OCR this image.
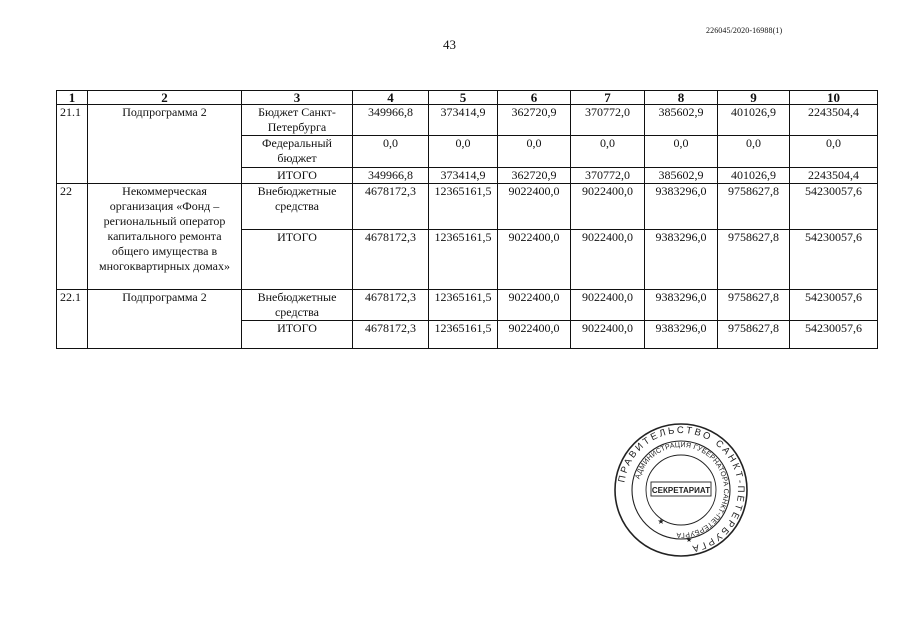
226045/2020-16988(1)
43
1	2	3	4	5	6	7	8	9	10
21.1	Подпрограмма 2	Бюджет Санкт-Петербурга	349966,8	373414,9	362720,9	370772,0	385602,9	401026,9	2243504,4
		Федеральный бюджет	0,0	0,0	0,0	0,0	0,0	0,0	0,0
		ИТОГО	349966,8	373414,9	362720,9	370772,0	385602,9	401026,9	2243504,4
22	Некоммерческая организация «Фонд – региональный оператор капитального ремонта общего имущества в многоквартирных домах»	Внебюджетные средства	4678172,3	12365161,5	9022400,0	9022400,0	9383296,0	9758627,8	54230057,6
		ИТОГО	4678172,3	12365161,5	9022400,0	9022400,0	9383296,0	9758627,8	54230057,6
22.1	Подпрограмма 2	Внебюджетные средства	4678172,3	12365161,5	9022400,0	9022400,0	9383296,0	9758627,8	54230057,6
		ИТОГО	4678172,3	12365161,5	9022400,0	9022400,0	9383296,0	9758627,8	54230057,6
ПРАВИТЕЛЬСТВО САНКТ-ПЕТЕРБУРГА
АДМИНИСТРАЦИЯ ГУБЕРНАТОРА САНКТ-ПЕТЕРБУРГА
СЕКРЕТАРИАТ
★
★
